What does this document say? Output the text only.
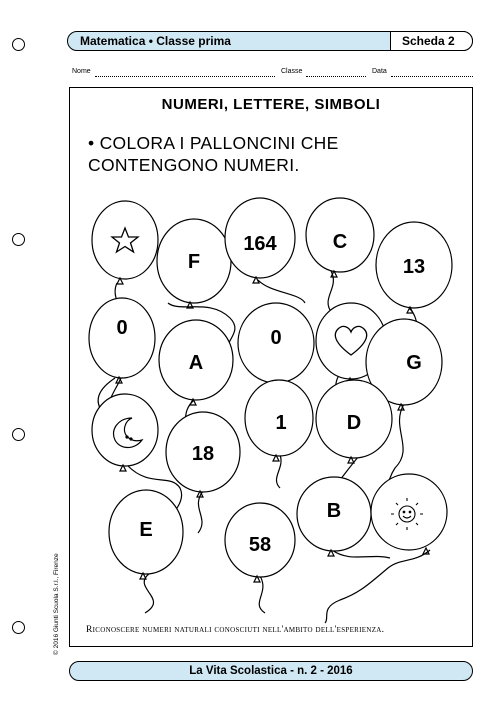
Matematica • Classe prima	Scheda 2
Nome	Classe	Data
NUMERI, LETTERE, SIMBOLI
• COLORA I PALLONCINI CHE
CONTENGONO NUMERI.
F
164	C
13
0
A
0
G
18
1	D
E
58
B
Riconoscere numeri naturali conosciuti nell'ambito dell'esperienza.
© 2016 Giunti Scuola S.r.l., Firenze
La Vita Scolastica - n. 2 - 2016
